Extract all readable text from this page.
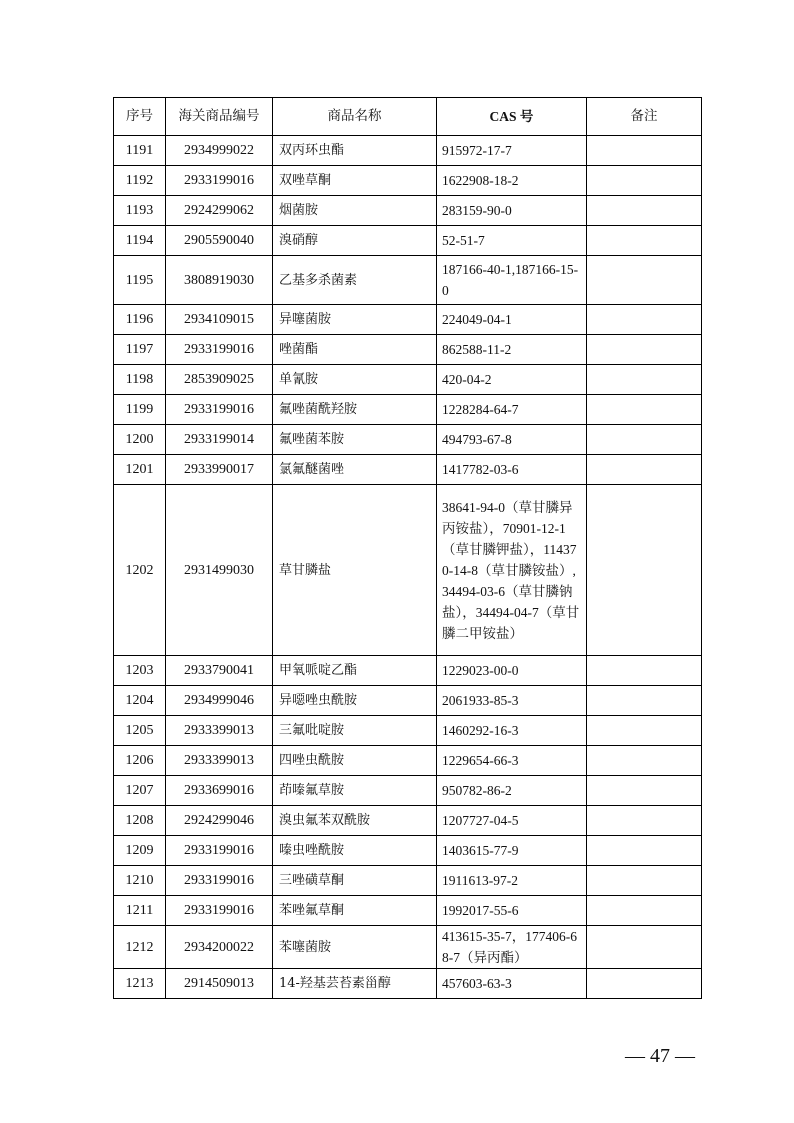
序号	海关商品编号	商品名称	CAS 号	备注
1191	2934999022	双丙环虫酯	915972-17-7	
1192	2933199016	双唑草酮	1622908-18-2	
1193	2924299062	烟菌胺	283159-90-0	
1194	2905590040	溴硝醇	52-51-7	
1195	3808919030	乙基多杀菌素	187166-40-1,187166-15-0	
1196	2934109015	异噻菌胺	224049-04-1	
1197	2933199016	唑菌酯	862588-11-2	
1198	2853909025	单氰胺	420-04-2	
1199	2933199016	氟唑菌酰羟胺	1228284-64-7	
1200	2933199014	氟唑菌苯胺	494793-67-8	
1201	2933990017	氯氟醚菌唑	1417782-03-6	
1202	2931499030	草甘膦盐	38641-94-0（草甘膦异丙铵盐），70901-12-1（草甘膦钾盐），114370-14-8（草甘膦铵盐）, 34494-03-6（草甘膦钠盐），34494-04-7（草甘膦二甲铵盐）	
1203	2933790041	甲氧哌啶乙酯	1229023-00-0	
1204	2934999046	异噁唑虫酰胺	2061933-85-3	
1205	2933399013	三氟吡啶胺	1460292-16-3	
1206	2933399013	四唑虫酰胺	1229654-66-3	
1207	2933699016	茚嗪氟草胺	950782-86-2	
1208	2924299046	溴虫氟苯双酰胺	1207727-04-5	
1209	2933199016	嗪虫唑酰胺	1403615-77-9	
1210	2933199016	三唑磺草酮	1911613-97-2	
1211	2933199016	苯唑氟草酮	1992017-55-6	
1212	2934200022	苯噻菌胺	413615-35-7，177406-68-7（异丙酯）	
1213	2914509013	14-羟基芸苔素甾醇	457603-63-3	
— 47 —
